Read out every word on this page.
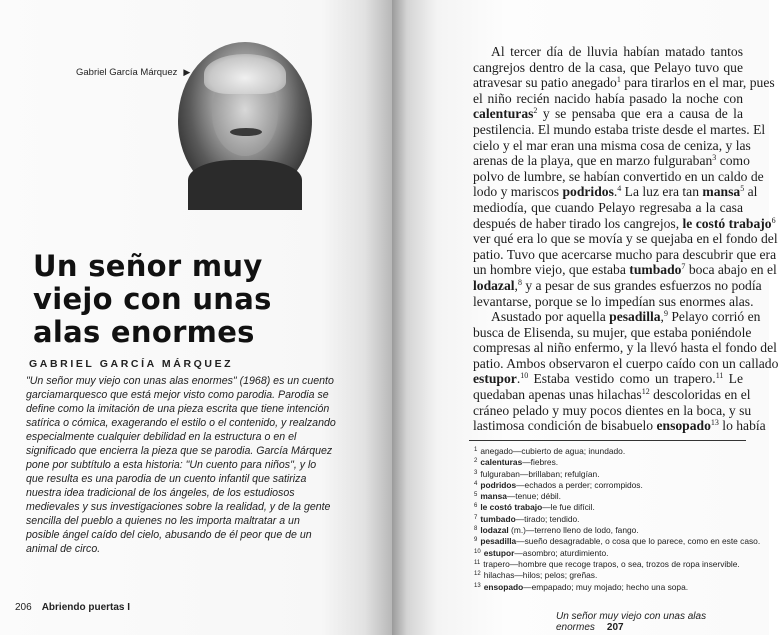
Gabriel García Márquez ▶
Un señor muy
viejo con unas
alas enormes
GABRIEL GARCÍA MÁRQUEZ
"Un señor muy viejo con unas alas enormes" (1968) es un cuento
garciamarquesco que está mejor visto como parodia. Parodia se
define como la imitación de una pieza escrita que tiene intención
satírica o cómica, exagerando el estilo o el contenido, y realzando
especialmente cualquier debilidad en la estructura o en el
significado que encierra la pieza que se parodia. García Márquez
pone por subtítulo a esta historia: "Un cuento para niños", y lo
que resulta es una parodia de un cuento infantil que satiriza
nuestra idea tradicional de los ángeles, de los estudiosos
medievales y sus investigaciones sobre la realidad, y de la gente
sencilla del pueblo a quienes no les importa maltratar a un
posible ángel caído del cielo, abusando de él peor que de un
animal de circo.
206 Abriendo puertas I
Al tercer día de lluvia habían matado tantos
cangrejos dentro de la casa, que Pelayo tuvo que
atravesar su patio anegado$^1$ para tirarlos en el mar, pues
el niño recién nacido había pasado la noche con
calenturas$^2$ y se pensaba que era a causa de la
pestilencia. El mundo estaba triste desde el martes. El
cielo y el mar eran una misma cosa de ceniza, y las
arenas de la playa, que en marzo fulguraban$^3$ como
polvo de lumbre, se habían convertido en un caldo de
lodo y mariscos podridos.$^4$ La luz era tan mansa$^5$ al
mediodía, que cuando Pelayo regresaba a la casa
después de haber tirado los cangrejos, le costó trabajo$^6$
ver qué era lo que se movía y se quejaba en el fondo del
patio. Tuvo que acercarse mucho para descubrir que era
un hombre viejo, que estaba tumbado$^7$ boca abajo en el
lodazal,$^8$ y a pesar de sus grandes esfuerzos no podía
levantarse, porque se lo impedían sus enormes alas.
Asustado por aquella pesadilla,$^9$ Pelayo corrió en
busca de Elisenda, su mujer, que estaba poniéndole
compresas al niño enfermo, y la llevó hasta el fondo del
patio. Ambos observaron el cuerpo caído con un callado
estupor.$^{10}$ Estaba vestido como un trapero.$^{11}$ Le
quedaban apenas unas hilachas$^{12}$ descoloridas en el
cráneo pelado y muy pocos dientes en la boca, y su
lastimosa condición de bisabuelo ensopado$^{13}$ lo había
$^1$ anegado—cubierto de agua; inundado.
$^2$ calenturas—fiebres.
$^3$ fulguraban—brillaban; refulgían.
$^4$ podridos—echados a perder; corrompidos.
$^5$ mansa—tenue; débil.
$^6$ le costó trabajo—le fue difícil.
$^7$ tumbado—tirado; tendido.
$^8$ lodazal (m.)—terreno lleno de lodo, fango.
$^9$ pesadilla—sueño desagradable, o cosa que lo parece, como en este caso.
$^{10}$ estupor—asombro; aturdimiento.
$^{11}$ trapero—hombre que recoge trapos, o sea, trozos de ropa inservible.
$^{12}$ hilachas—hilos; pelos; greñas.
$^{13}$ ensopado—empapado; muy mojado; hecho una sopa.
Un señor muy viejo con unas alas enormes 207
